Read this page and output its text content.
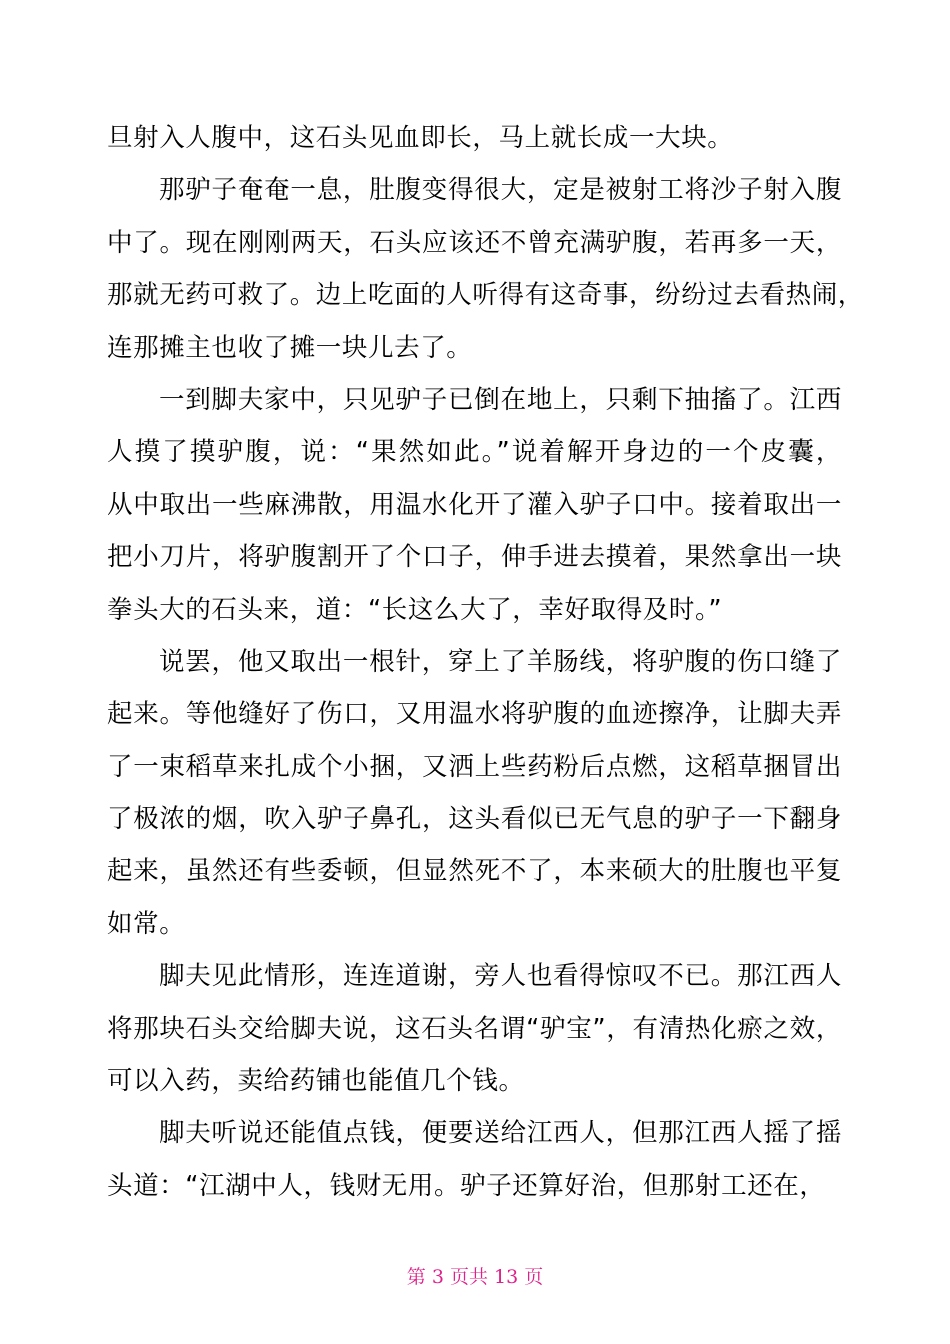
旦射入人腹中，这石头见血即长，马上就长成一大块。
那驴子奄奄一息，肚腹变得很大，定是被射工将沙子射入腹
中了。现在刚刚两天，石头应该还不曾充满驴腹，若再多一天，
那就无药可救了。边上吃面的人听得有这奇事，纷纷过去看热闹，
连那摊主也收了摊一块儿去了。
一到脚夫家中，只见驴子已倒在地上，只剩下抽搐了。江西
人摸了摸驴腹，说：“果然如此。”说着解开身边的一个皮囊，
从中取出一些麻沸散，用温水化开了灌入驴子口中。接着取出一
把小刀片，将驴腹割开了个口子，伸手进去摸着，果然拿出一块
拳头大的石头来，道：“长这么大了，幸好取得及时。”
说罢，他又取出一根针，穿上了羊肠线，将驴腹的伤口缝了
起来。等他缝好了伤口，又用温水将驴腹的血迹擦净，让脚夫弄
了一束稻草来扎成个小捆，又洒上些药粉后点燃，这稻草捆冒出
了极浓的烟，吹入驴子鼻孔，这头看似已无气息的驴子一下翻身
起来，虽然还有些委顿，但显然死不了，本来硕大的肚腹也平复
如常。
脚夫见此情形，连连道谢，旁人也看得惊叹不已。那江西人
将那块石头交给脚夫说，这石头名谓“驴宝”，有清热化瘀之效，
可以入药，卖给药铺也能值几个钱。
脚夫听说还能值点钱，便要送给江西人，但那江西人摇了摇
头道：“江湖中人，钱财无用。驴子还算好治，但那射工还在，
第 3 页共 13 页
